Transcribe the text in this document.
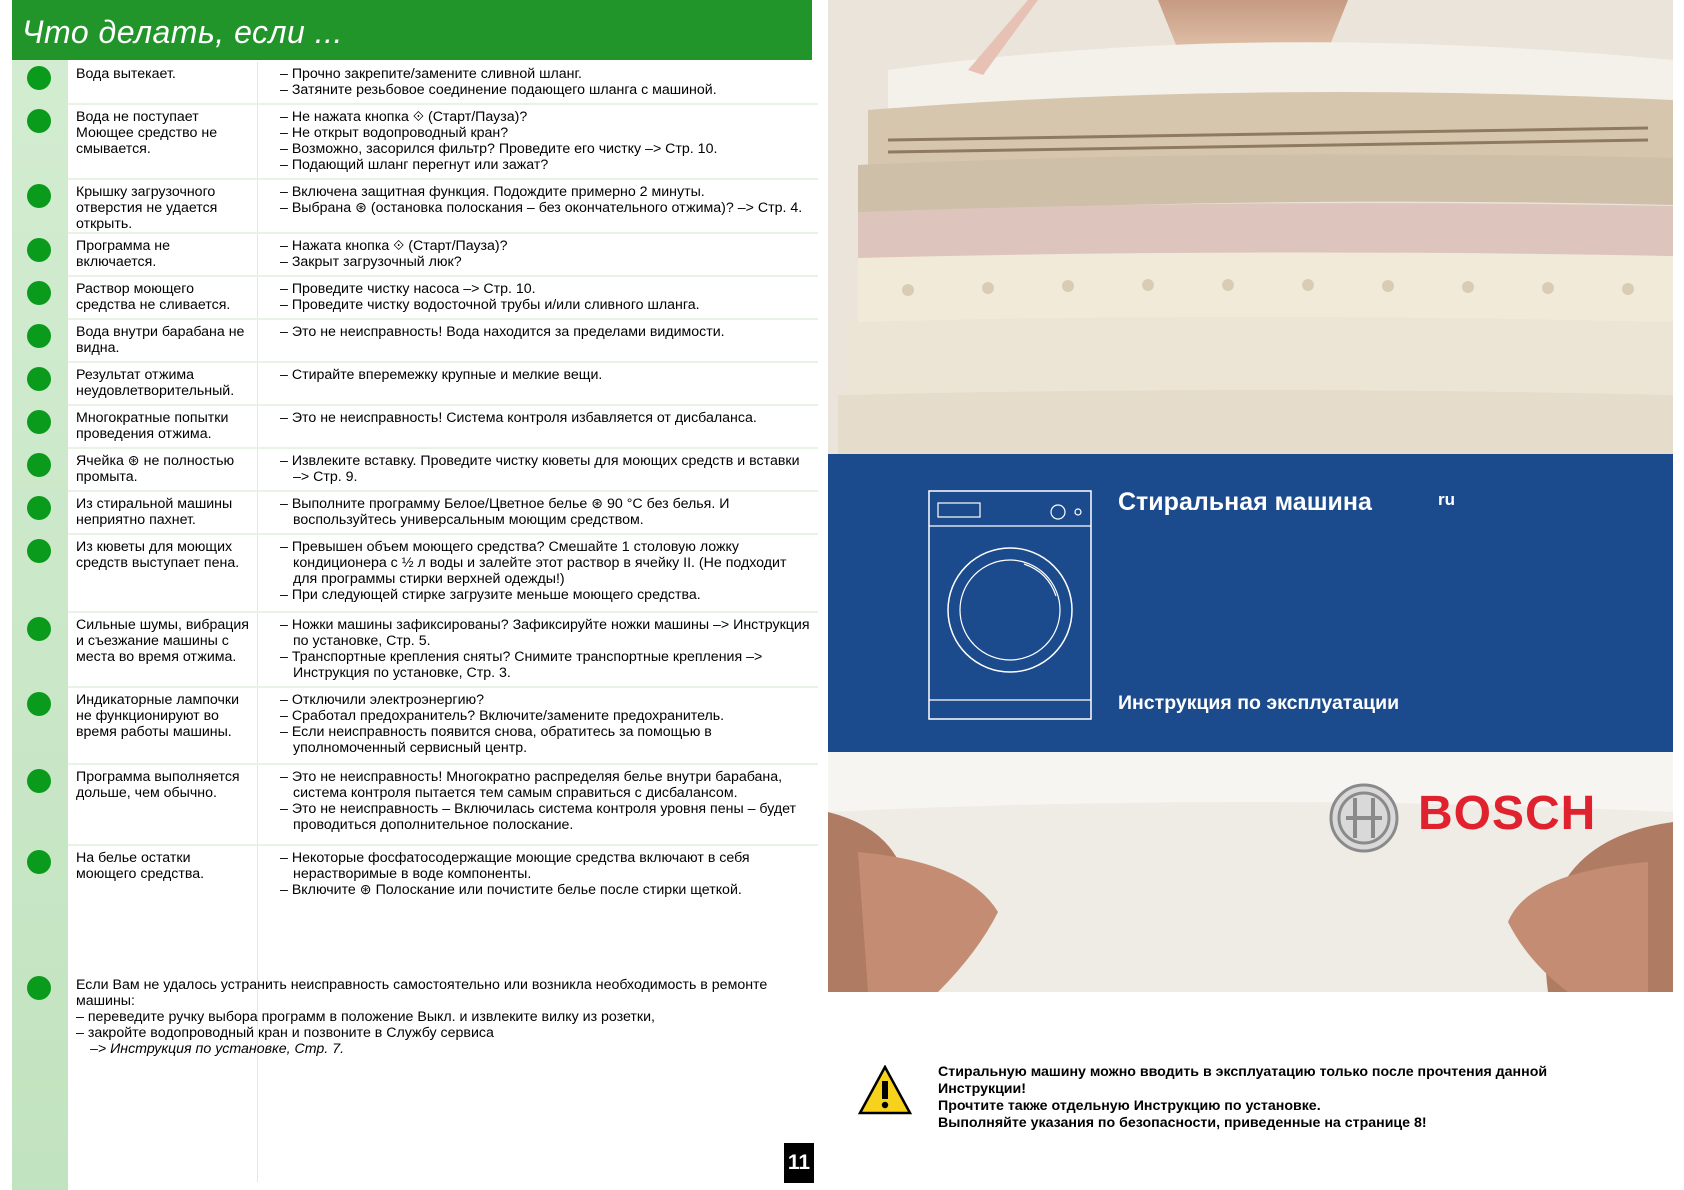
Что делать, если ...
Вода вытекает.	– Прочно закрепите/замените сливной шланг.
– Затяните резьбовое соединение подающего шланга с машиной.
Вода не поступает Моющее средство не смывается.
– Не нажата кнопка ⟐ (Старт/Пауза)?
– Не открыт водопроводный кран?
– Возможно, засорился фильтр? Проведите его чистку –> Стр. 10.
– Подающий шланг перегнут или зажат?
Крышку загрузочного отверстия не удается открыть.
– Включена защитная функция. Подождите примерно 2 минуты.
– Выбрана ⊛ (остановка полоскания – без окончательного отжима)? –> Стр. 4.
Программа не включается.
– Нажата кнопка ⟐ (Старт/Пауза)?
– Закрыт загрузочный люк?
Раствор моющего средства не сливается.
– Проведите чистку насоса –> Стр. 10.
– Проведите чистку водосточной трубы и/или сливного шланга.
Вода внутри барабана не видна.
– Это не неисправность! Вода находится за пределами видимости.
Результат отжима неудовлетворительный.
– Стирайте вперемежку крупные и мелкие вещи.
Многократные попытки проведения отжима.
– Это не неисправность! Система контроля избавляется от дисбаланса.
Ячейка ⊛ не полностью промыта.
– Извлеките вставку. Проведите чистку кюветы для моющих средств и вставки –> Стр. 9.
Из стиральной машины неприятно пахнет.
– Выполните программу Белое/Цветное белье ⊛ 90 °С без белья. И воспользуйтесь универсальным моющим средством.
Из кюветы для моющих средств выступает пена.
– Превышен объем моющего средства? Смешайте 1 столовую ложку кондиционера с ½ л воды и залейте этот раствор в ячейку II. (Не подходит для программы стирки верхней одежды!)
– При следующей стирке загрузите меньше моющего средства.
Сильные шумы, вибрация и съезжание машины с места во время отжима.
– Ножки машины зафиксированы? Зафиксируйте ножки машины –> Инструкция по установке, Стр. 5.
– Транспортные крепления сняты? Снимите транспортные крепления –> Инструкция по установке, Стр. 3.
Индикаторные лампочки не функционируют во время работы машины.
– Отключили электроэнергию?
– Сработал предохранитель? Включите/замените предохранитель.
– Если неисправность появится снова, обратитесь за помощью в уполномоченный сервисный центр.
Программа выполняется дольше, чем обычно.
– Это не неисправность! Многократно распределяя белье внутри барабана, система контроля пытается тем самым справиться с дисбалансом.
– Это не неисправность – Включилась система контроля уровня пены – будет проводиться дополнительное полоскание.
На белье остатки моющего средства.
– Некоторые фосфатосодержащие моющие средства включают в себя нерастворимые в воде компоненты.
– Включите ⊛ Полоскание или почистите белье после стирки щеткой.
Если Вам не удалось устранить неисправность самостоятельно или возникла необходимость в ремонте машины:
– переведите ручку выбора программ в положение Выкл. и извлеките вилку из розетки,
– закройте водопроводный кран и позвоните в Службу сервиса
–> Инструкция по установке, Стр. 7.
11
Стиральная машина	ru
Инструкция по эксплуатации
BOSCH
Стиральную машину можно вводить в эксплуатацию только после прочтения данной Инструкции!
Прочтите также отдельную Инструкцию по установке.
Выполняйте указания по безопасности, приведенные на странице 8!
